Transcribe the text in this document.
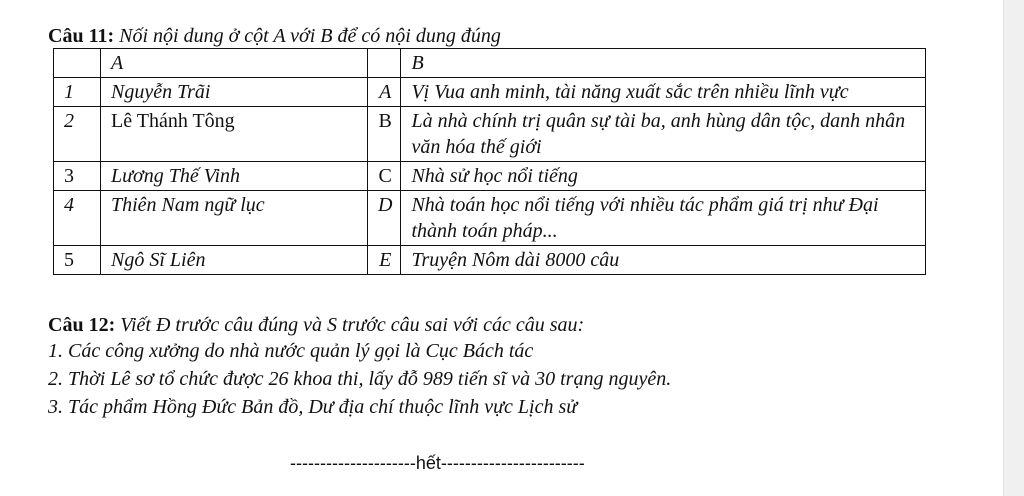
Câu 11: Nối nội dung ở cột A với B để có nội dung đúng
	A		B
1	Nguyễn Trãi	A	Vị Vua anh minh, tài năng xuất sắc trên nhiều lĩnh vực
2	Lê Thánh Tông	B	Là nhà chính trị quân sự tài ba, anh hùng dân tộc, danh nhân văn hóa thế giới
3	Lương Thế Vinh	C	Nhà sử học nổi tiếng
4	Thiên Nam ngữ lục	D	Nhà toán học nổi tiếng với nhiều tác phẩm giá trị như Đại thành toán pháp...
5	Ngô Sĩ Liên	E	Truyện Nôm dài 8000 câu
Câu 12: Viết Đ trước câu đúng và S trước câu sai với các câu sau:
1. Các công xưởng do nhà nước quản lý gọi là Cục Bách tác
2. Thời Lê sơ tổ chức được 26 khoa thi, lấy đỗ 989 tiến sĩ và 30 trạng nguyên.
3. Tác phẩm Hồng Đức Bản đồ, Dư địa chí thuộc lĩnh vực Lịch sử
---------------------hết------------------------
